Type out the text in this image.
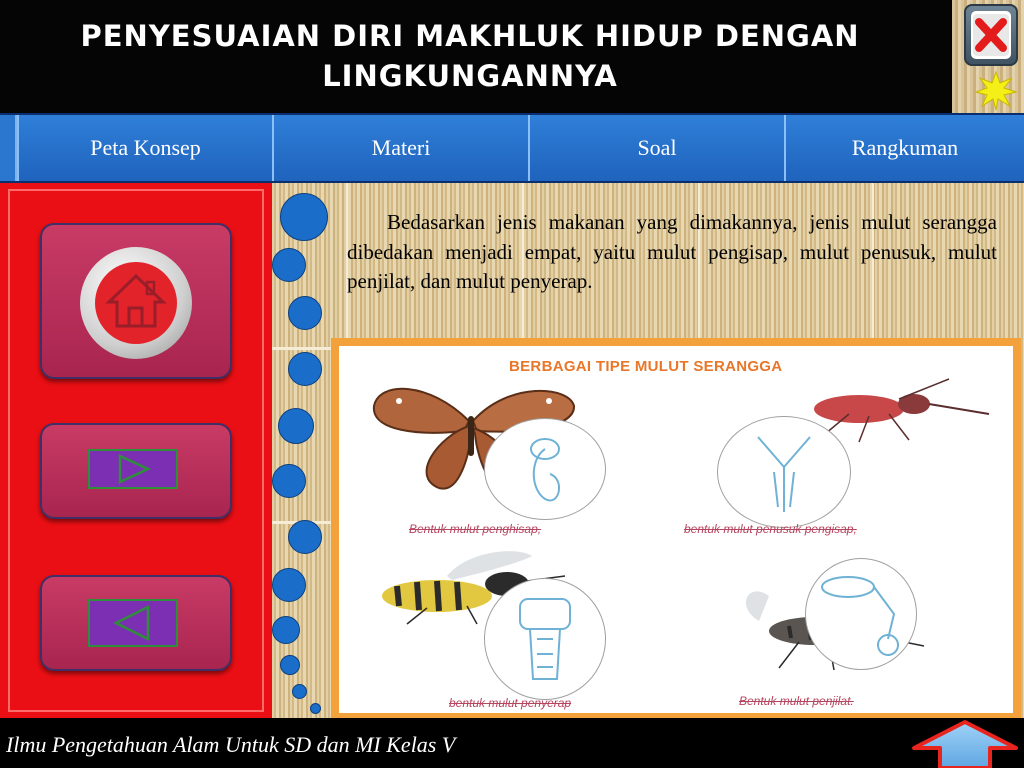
PENYESUAIAN DIRI MAKHLUK HIDUP DENGAN LINGKUNGANNYA
Peta Konsep	Materi	Soal	Rangkuman
Bedasarkan jenis makanan yang dimakannya, jenis mulut serangga dibedakan menjadi empat, yaitu mulut pengisap, mulut penusuk, mulut penjilat, dan mulut penyerap.
BERBAGAI TIPE MULUT SERANGGA
Bentuk mulut penghisap,	bentuk mulut penusuk pengisap,
bentuk mulut penyerap	Bentuk mulut penjilat.
Ilmu Pengetahuan Alam Untuk SD dan MI Kelas V
